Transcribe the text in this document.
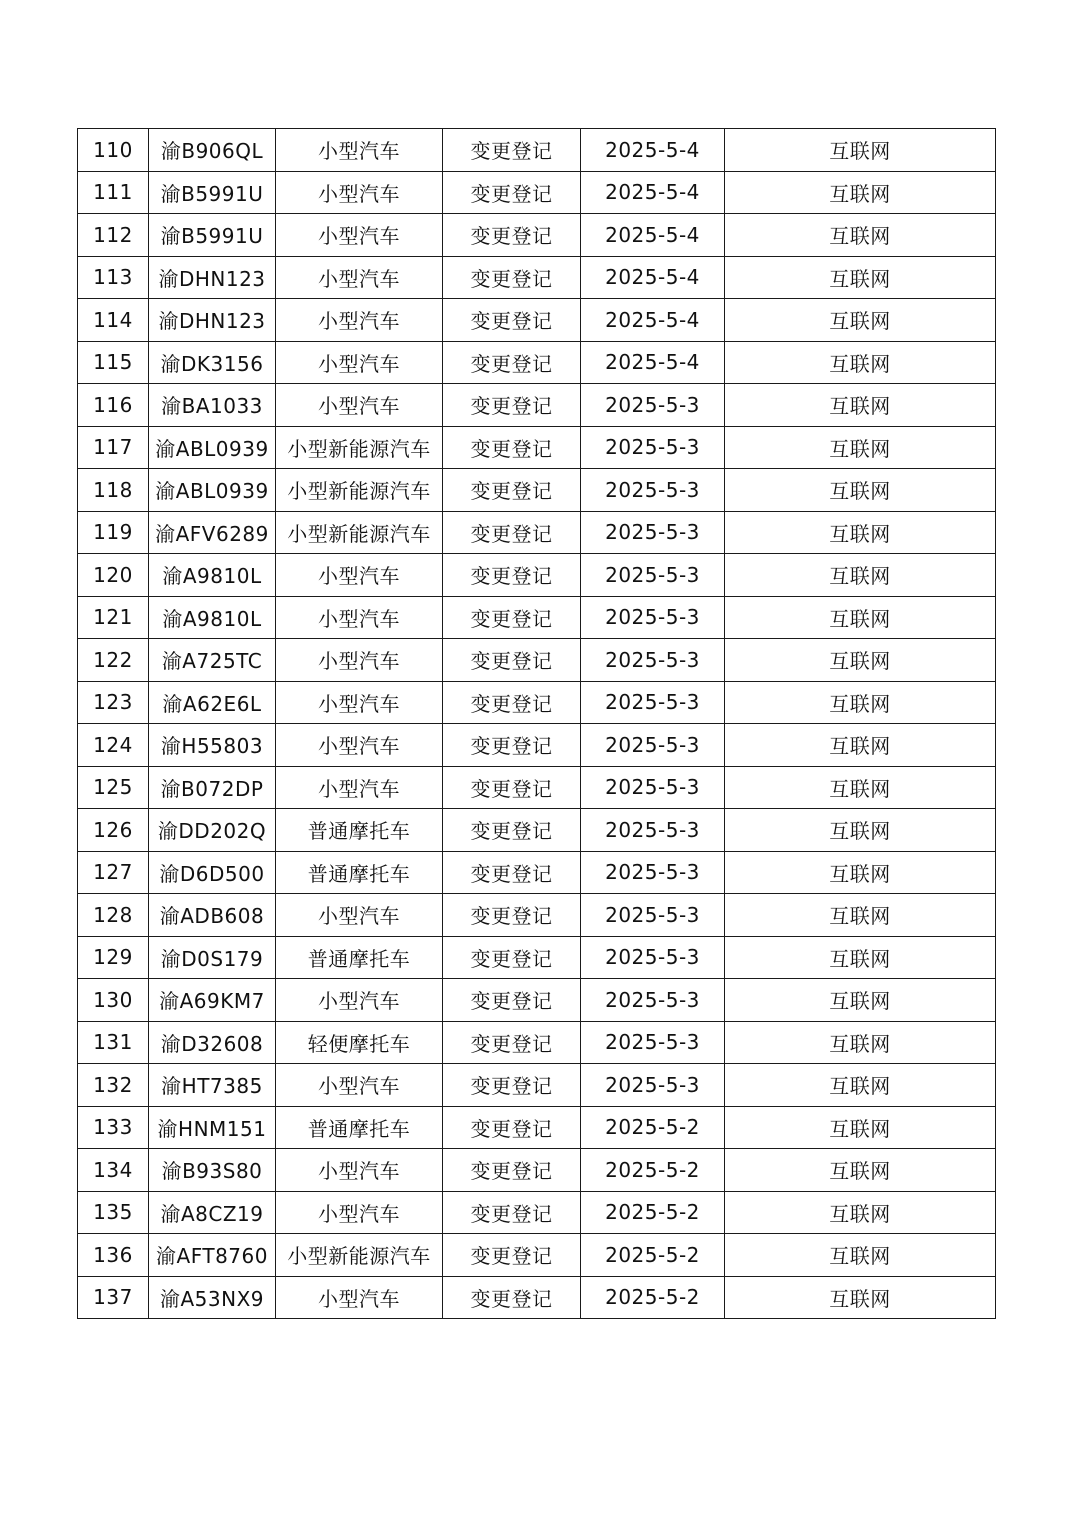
110	渝B906QL	小型汽车	变更登记	2025-5-4	互联网
111	渝B5991U	小型汽车	变更登记	2025-5-4	互联网
112	渝B5991U	小型汽车	变更登记	2025-5-4	互联网
113	渝DHN123	小型汽车	变更登记	2025-5-4	互联网
114	渝DHN123	小型汽车	变更登记	2025-5-4	互联网
115	渝DK3156	小型汽车	变更登记	2025-5-4	互联网
116	渝BA1033	小型汽车	变更登记	2025-5-3	互联网
117	渝ABL0939	小型新能源汽车	变更登记	2025-5-3	互联网
118	渝ABL0939	小型新能源汽车	变更登记	2025-5-3	互联网
119	渝AFV6289	小型新能源汽车	变更登记	2025-5-3	互联网
120	渝A9810L	小型汽车	变更登记	2025-5-3	互联网
121	渝A9810L	小型汽车	变更登记	2025-5-3	互联网
122	渝A725TC	小型汽车	变更登记	2025-5-3	互联网
123	渝A62E6L	小型汽车	变更登记	2025-5-3	互联网
124	渝H55803	小型汽车	变更登记	2025-5-3	互联网
125	渝B072DP	小型汽车	变更登记	2025-5-3	互联网
126	渝DD202Q	普通摩托车	变更登记	2025-5-3	互联网
127	渝D6D500	普通摩托车	变更登记	2025-5-3	互联网
128	渝ADB608	小型汽车	变更登记	2025-5-3	互联网
129	渝D0S179	普通摩托车	变更登记	2025-5-3	互联网
130	渝A69KM7	小型汽车	变更登记	2025-5-3	互联网
131	渝D32608	轻便摩托车	变更登记	2025-5-3	互联网
132	渝HT7385	小型汽车	变更登记	2025-5-3	互联网
133	渝HNM151	普通摩托车	变更登记	2025-5-2	互联网
134	渝B93S80	小型汽车	变更登记	2025-5-2	互联网
135	渝A8CZ19	小型汽车	变更登记	2025-5-2	互联网
136	渝AFT8760	小型新能源汽车	变更登记	2025-5-2	互联网
137	渝A53NX9	小型汽车	变更登记	2025-5-2	互联网
